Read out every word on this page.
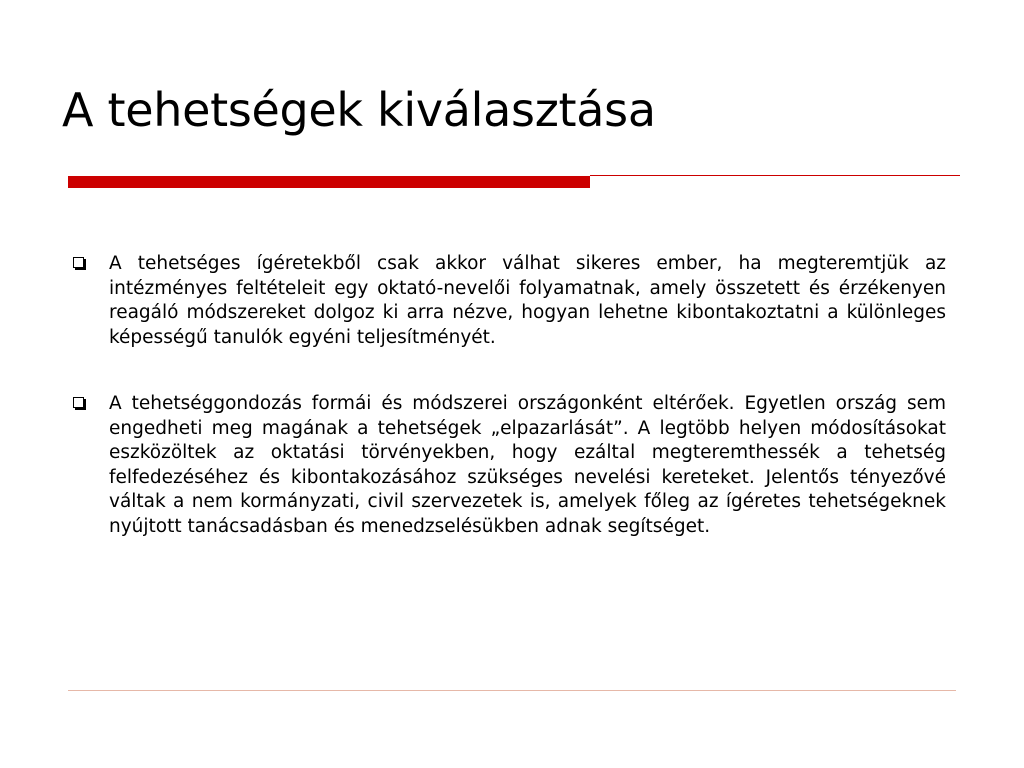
A tehetségek kiválasztása
A tehetséges ígéretekből csak akkor válhat sikeres ember, ha megteremtjük az intézményes feltételeit egy oktató-nevelői folyamatnak, amely összetett és érzékenyen reagáló módszereket dolgoz ki arra nézve, hogyan lehetne kibontakoztatni a különleges képességű tanulók egyéni teljesítményét.
A tehetséggondozás formái és módszerei országonként eltérőek. Egyetlen ország sem engedheti meg magának a tehetségek „elpazarlását”. A legtöbb helyen módosításokat eszközöltek az oktatási törvényekben, hogy ezáltal megteremthessék a tehetség felfedezéséhez és kibontakozásához szükséges nevelési kereteket. Jelentős tényezővé váltak a nem kormányzati, civil szervezetek is, amelyek főleg az ígéretes tehetségeknek nyújtott tanácsadásban és menedzselésükben adnak segítséget.
